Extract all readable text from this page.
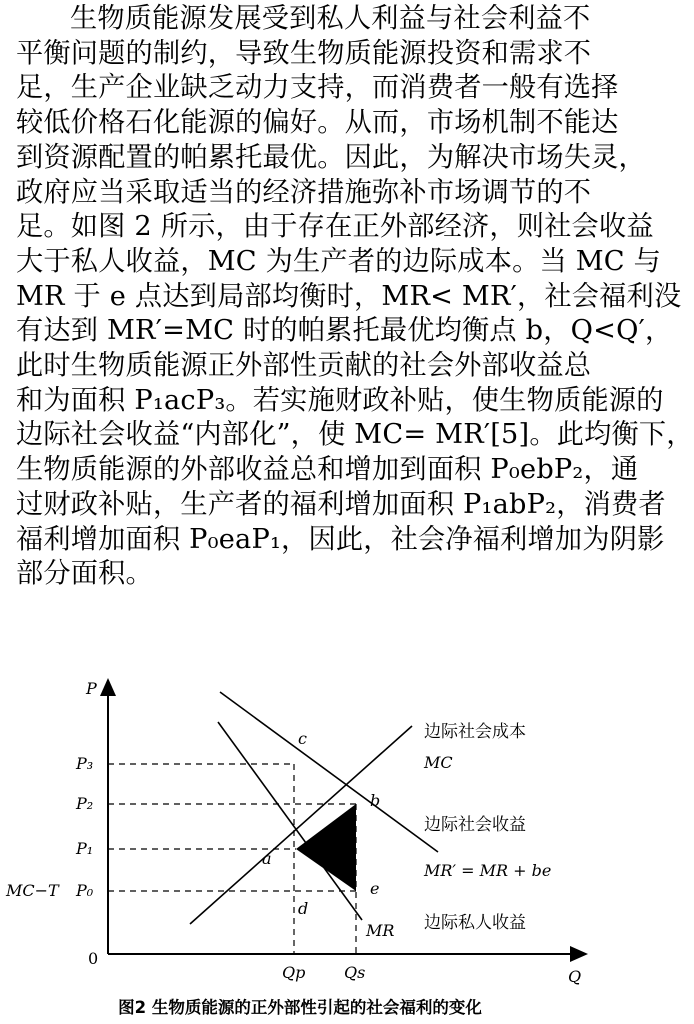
生物质能源发展受到私人利益与社会利益不
平衡问题的制约，导致生物质能源投资和需求不
足，生产企业缺乏动力支持，而消费者一般有选择
较低价格石化能源的偏好。从而，市场机制不能达
到资源配置的帕累托最优。因此，为解决市场失灵，
政府应当采取适当的经济措施弥补市场调节的不
足。如图 2 所示，由于存在正外部经济，则社会收益
大于私人收益，MC 为生产者的边际成本。当 MC 与
MR 于 e 点达到局部均衡时，MR< MR′，社会福利没
有达到 MR′=MC 时的帕累托最优均衡点 b，Q<Q′，
此时生物质能源正外部性贡献的社会外部收益总
和为面积 P₁acP₃。若实施财政补贴，使生物质能源的
边际社会收益“内部化”，使 MC= MR′[5]。此均衡下，
生物质能源的外部收益总和增加到面积 P₀ebP₂，通
过财政补贴，生产者的福利增加面积 P₁abP₂，消费者
福利增加面积 P₀eaP₁，因此，社会净福利增加为阴影
部分面积。
P
Q
0
P₃
P₂
P₁
P₀
MC−T
Qp Qs
a
b
c
d
e
边际社会成本
MC
边际社会收益
MR′ = MR + be
边际私人收益
MR
图2 生物质能源的正外部性引起的社会福利的变化
